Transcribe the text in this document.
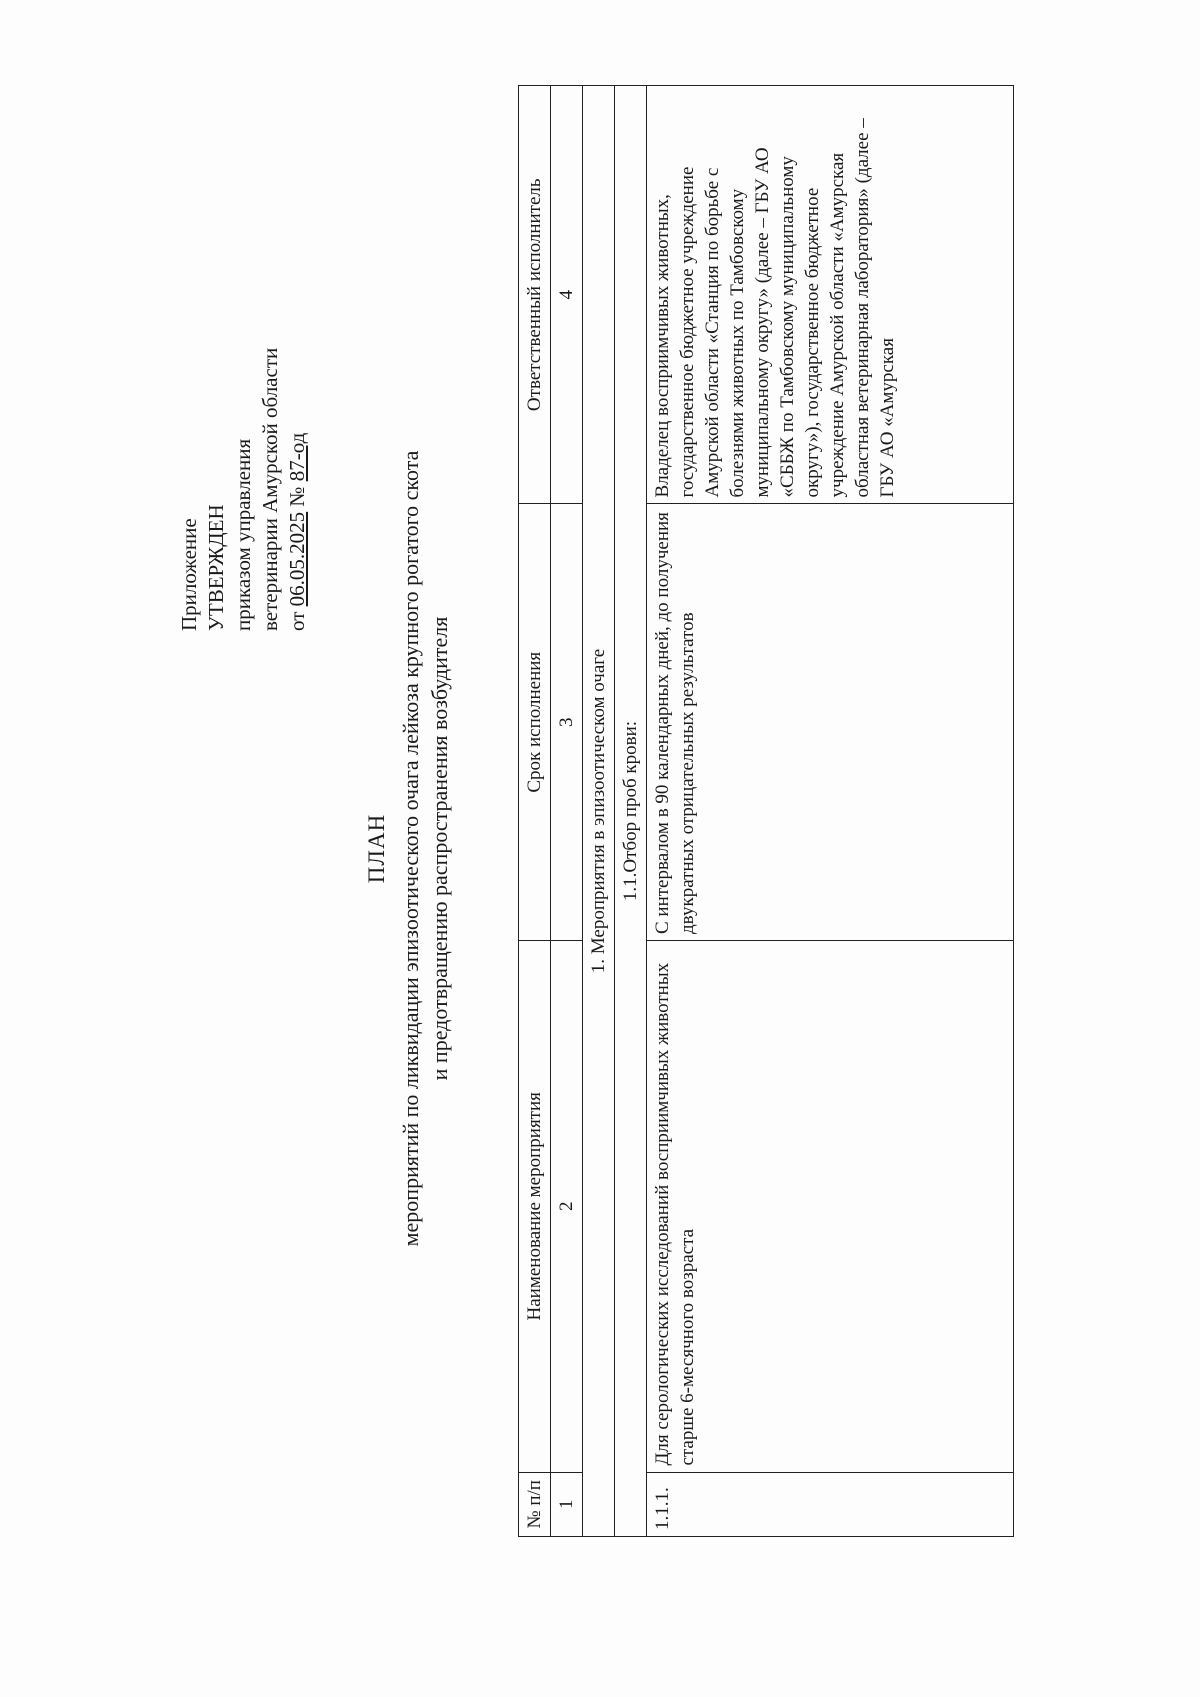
Приложение УТВЕРЖДЕН приказом управления ветеринарии Амурской области от 06.05.2025 № 87-од
ПЛАН мероприятий по ликвидации эпизоотического очага лейкоза крупного рогатого скота и предотвращению распространения возбудителя
№ п/п	Наименование мероприятия	Срок исполнения	Ответственный исполнитель
1	2	3	4
1. Мероприятия в эпизоотическом очаге			
1.1.Отбор проб крови:			
1.1.1.	Для серологических исследований восприимчивых животных старше 6-месячного возраста	С интервалом в 90 календарных дней, до получения двукратных отрицательных результатов	Владелец восприимчивых животных, государственное бюджетное учреждение Амурской области «Станция по борьбе с болезнями животных по Тамбовскому муниципальному округу» (далее – ГБУ АО «СББЖ по Тамбовскому муниципальному округу»), государственное бюджетное учреждение Амурской области «Амурская областная ветеринарная лаборатория» (далее – ГБУ АО «Амурская
